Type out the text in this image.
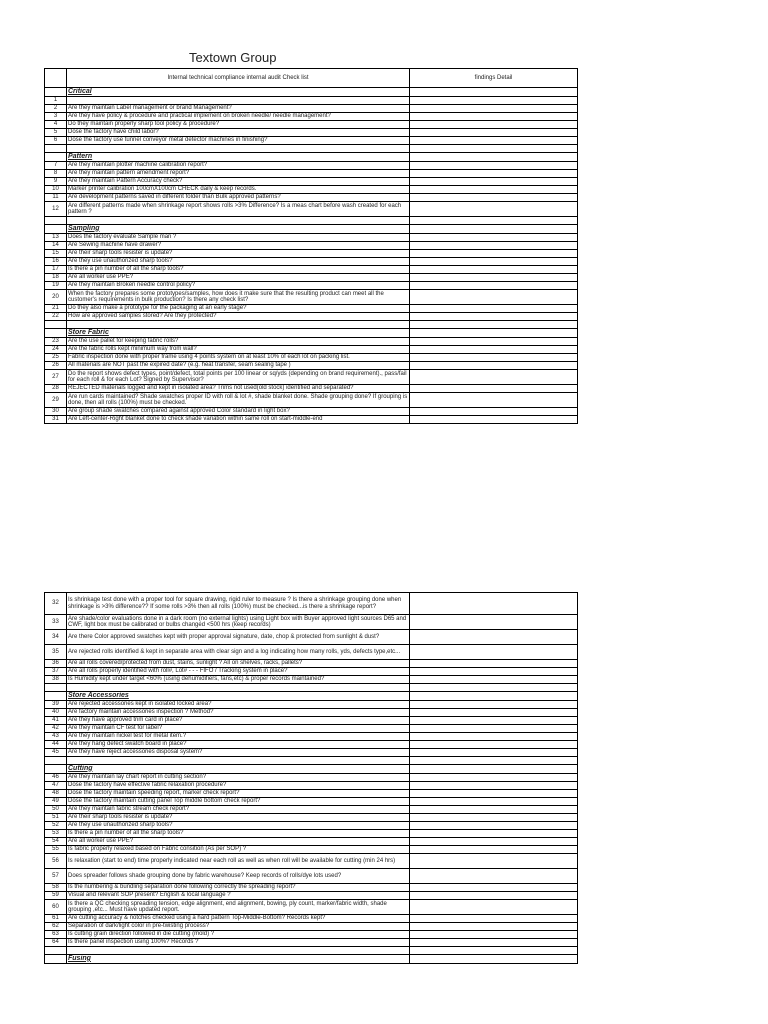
Textown Group
	Internal technical compliance internal audit Check list	findings Detail
	Critical	
1		
2	Are they maintain Label management or brand Management?	
3	Are they have policy & procedure and practical implement on broken needle/ needle management?	
4	Do they maintain properly sharp tool policy & procedure?	
5	Dose the factory have child labor?	
6	Dose the factory use tunnel conveyor metal detector machines in finishing?	

	Pattern	
7	Are they maintain plotter machine calibration report?	
8	Are they maintain pattern amendment report?	
9	Are they maintain Pattern Accuracy check?	
10	Marker printer calibration 100cmX100cm CHECK daily & keep records.	
11	Are development patterns saved in different folder than Bulk approved patterns?	
12	Are different patterns made when shrinkage report shows rolls >3% Difference? Is a meas chart before wash created for each pattern ?	

	Sampling	
13	Does the factory evaluate Sample man ?	
14	Are Sewing machine have drawer?	
15	Are their sharp tools resister is update?	
16	Are they use unauthorized sharp tools?	
17	Is there a pin number of all the sharp tools?	
18	Are all worker use PPE?	
19	Are they maintain Broken needle control policy?	
20	When the factory prepares some prototypes/samples, how does it make sure that the resulting product can meet all the customer's requirements in bulk production? Is there any check list?	
21	Do they also make a prototype for the packaging at an early stage?	
22	How are approved samples stored? Are they protected?	

	Store Fabric	
23	Are the use pallet for keeping fabric rolls?	
24	Are the fabric rolls kept minimum way from wall?	
25	Fabric inspection done with proper frame using 4 points system on at least 10% of each lot on packing list.	
26	All materials are NOT past the expired date? (e.g. heat transfer, seam sealing tape )	
27	Do the report shows defect types, point/defect, total points per 100 linear or sq/yds (depending on brand requirement)., pass/fail for each roll & for each Lot? Signed by Supervisor?	
28	REJECTED materials logged and kept in isolated area? Trims not used(old stock) identified and separated?	
29	Are run cards maintained? Shade swatches proper ID with roll & lot #, shade blanket done. Shade grouping done? If grouping is done, then all rolls (100%) must be checked.	
30	Are group shade swatches compared against approved Color standard in light box?	
31	Are Left-center-Right blanket done to check shade variation within same roll on start-middle-end	
32	Is shrinkage test done with a proper tool for square drawing, rigid ruler to measure ? Is there a shrinkage grouping done when shrinkage is >3% difference?? If some rolls >3% then all rolls (100%) must be checked...is there a shrinkage report?	
33	Are shade/color evaluations done in a dark room (no external lights) using Light box with Buyer approved light sources D65 and CWF, light box must be calibrated or bulbs changed <500 hrs (keep records)	
34	Are there Color approved swatches kept with proper approval signature, date, chop & protected from sunlight & dust?	
35	Are rejected rolls identified & kept in separate area with clear sign and a log indicating how many rolls, yds, defects type,etc...	
36	Are all rolls covered/protected from dust, stains, sunlight ? All on shelves, racks, pallets?	
37	Are all rolls properly identified with roll#, Lot# - - - FIFO / Tracking system in place?	
38	Is Humidity kept under target <60% (using dehumidifiers, fans,etc) & proper records maintained?	

	Store Accessories	
39	Are rejected accessories kept in isolated locked area?	
40	Are factory maintain accessories inspection ? Method?	
41	Are they have approved trim card in place?	
42	Are they maintain CF test for label?	
43	Are they maintain nickel test for metal item.?	
44	Are they hang defect swatch board in place?	
45	Are they have reject accessories disposal system?	

	Cutting	
46	Are they maintain lay chart report in cutting section?	
47	Dose the factory have effective fabric relaxation procedure?	
48	Dose the factory maintain speeding report, marker check report?	
49	Dose the factory maintain cutting panel Top middle bottom check report?	
50	Are they maintain fabric stream check report?	
51	Are their sharp tools resister is update?	
52	Are they use unauthorized sharp tools?	
53	Is there a pin number of all the sharp tools?	
54	Are all worker use PPE?	
55	Is fabric properly relaxed based on Fabric consition (As per SOP) ?	
56	Is relaxation (start to end) time properly indicated near each roll as well as when roll will be available for cutting (min 24 hrs)	
57	Does spreader follows shade grouping done by fabric warehouse? Keep records of rolls/dye lots used?	
58	Is the numbering & bundling separation done following correctly the spreading report?	
59	Visual and relevant SOP present? English & local language ?	
60	Is there a QC checking spreading tension, edge alignment, end alignment, bowing, ply count, marker/fabric width, shade grouping ,etc... Must have updated report.	
61	Are cutting accuracy & notches checked using a hard pattern Top-Middle-Bottom? Records kept?	
62	Separation of dark/light color in pre-twisting process?	
63	Is cutting grain direction followed in die cutting (mold) ?	
64	Is there panel inspection using 100%? Records ?	

	Fusing	
